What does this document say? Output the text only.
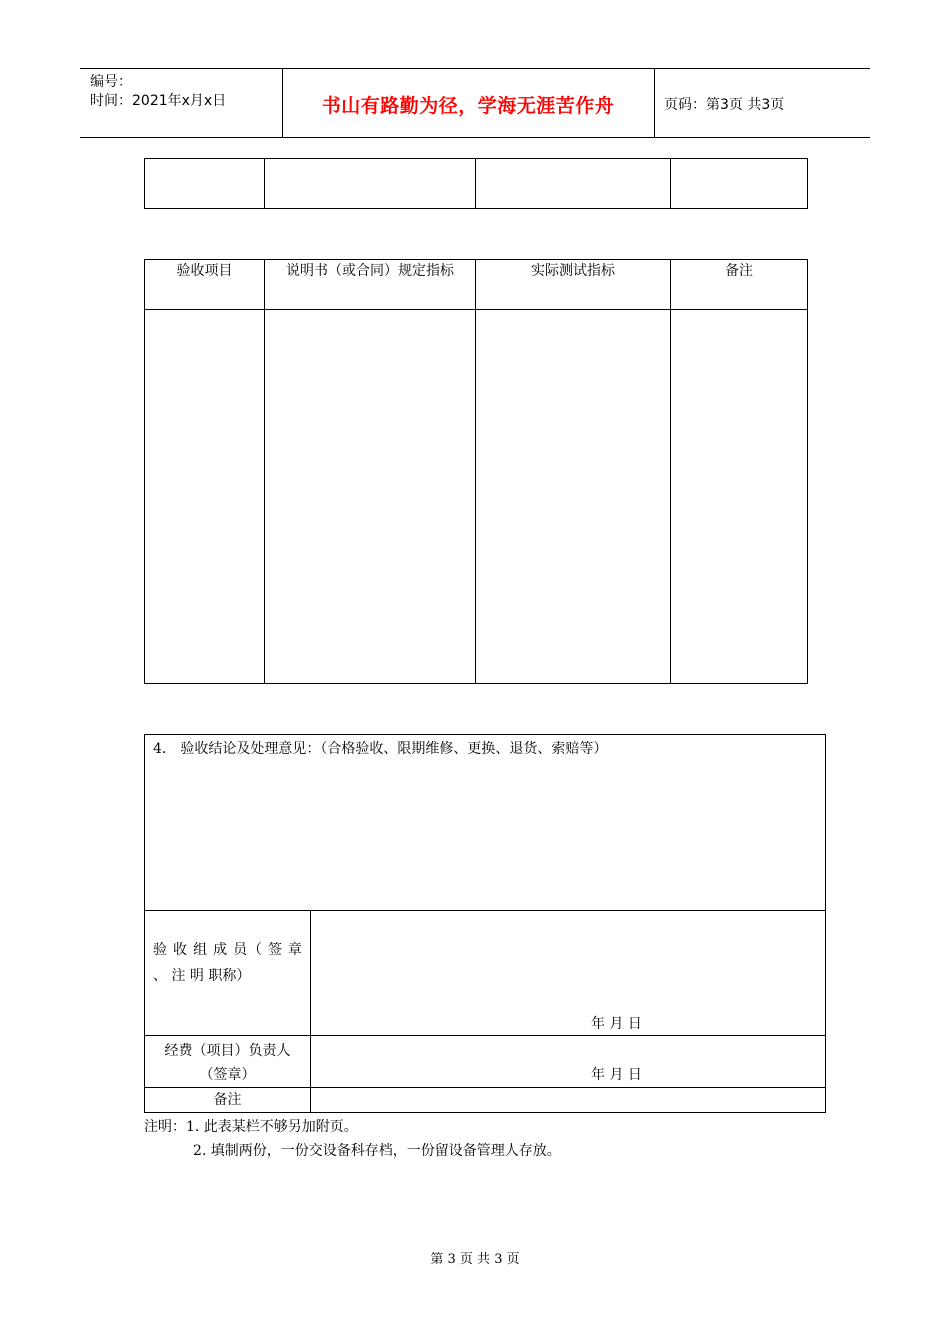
编号：
时间：2021年x月x日	书山有路勤为径，学海无涯苦作舟	页码：第3页 共3页

验收项目	说明书（或合同）规定指标	实际测试指标	备注

4． 验收结论及处理意见：（合格验收、限期维修、更换、退货、索赔等）	
验 收 组 成 员（ 签 章 、 注 明 职称）	年 月 日

经费（项目）负责人（签章）	年 月 日

备注	
注明：1. 此表某栏不够另加附页。
2. 填制两份，一份交设备科存档，一份留设备管理人存放。
第 3 页 共 3 页
